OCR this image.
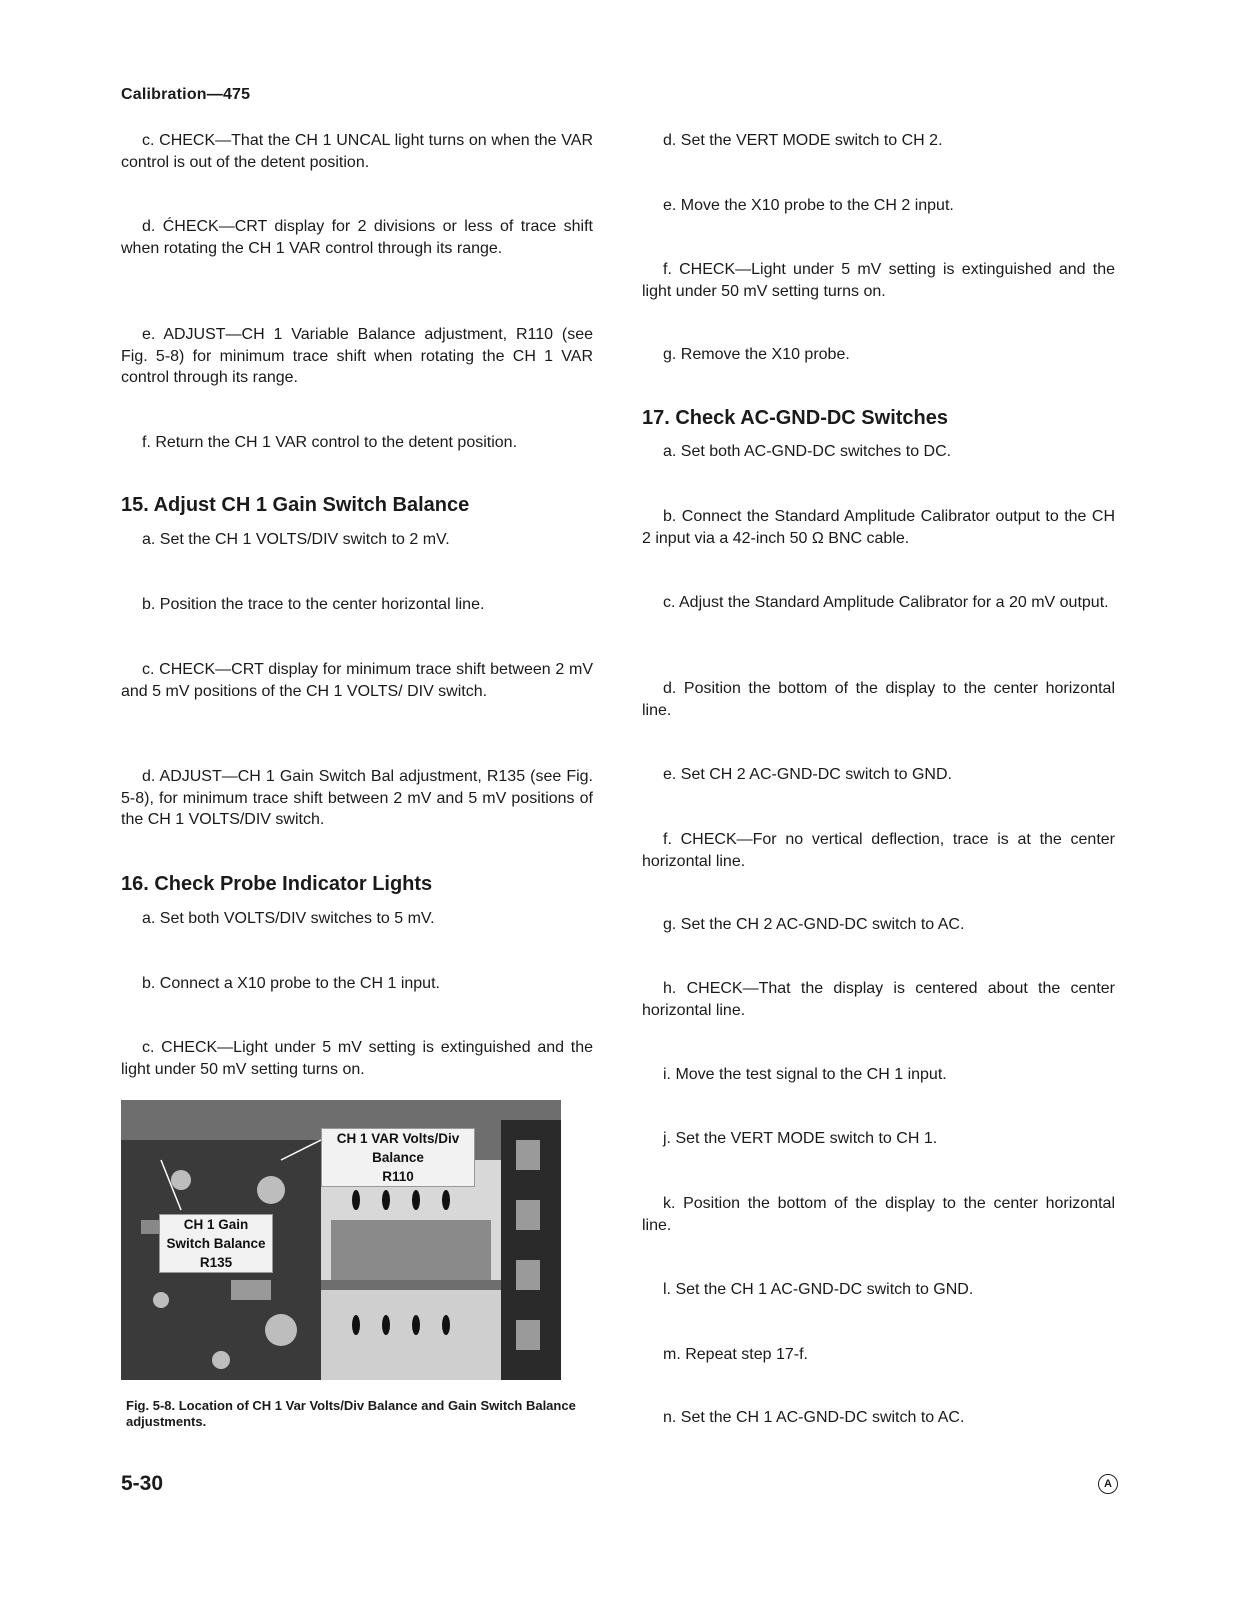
Calibration—475
c. CHECK—That the CH 1 UNCAL light turns on when the VAR control is out of the detent position.
d. ĆHECK—CRT display for 2 divisions or less of trace shift when rotating the CH 1 VAR control through its range.
e. ADJUST—CH 1 Variable Balance adjustment, R110 (see Fig. 5-8) for minimum trace shift when rotating the CH 1 VAR control through its range.
f. Return the CH 1 VAR control to the detent position.
15. Adjust CH 1 Gain Switch Balance
a. Set the CH 1 VOLTS/DIV switch to 2 mV.
b. Position the trace to the center horizontal line.
c. CHECK—CRT display for minimum trace shift between 2 mV and 5 mV positions of the CH 1 VOLTS/ DIV switch.
d. ADJUST—CH 1 Gain Switch Bal adjustment, R135 (see Fig. 5-8), for minimum trace shift between 2 mV and 5 mV positions of the CH 1 VOLTS/DIV switch.
16. Check Probe Indicator Lights
a. Set both VOLTS/DIV switches to 5 mV.
b. Connect a X10 probe to the CH 1 input.
c. CHECK—Light under 5 mV setting is extinguished and the light under 50 mV setting turns on.
CH 1 VAR Volts/Div
Balance
R110
CH 1 Gain
Switch Balance
R135
Fig. 5-8. Location of CH 1 Var Volts/Div Balance and Gain Switch Balance adjustments.
d. Set the VERT MODE switch to CH 2.
e. Move the X10 probe to the CH 2 input.
f. CHECK—Light under 5 mV setting is extinguished and the light under 50 mV setting turns on.
g. Remove the X10 probe.
17. Check AC-GND-DC Switches
a. Set both AC-GND-DC switches to DC.
b. Connect the Standard Amplitude Calibrator output to the CH 2 input via a 42-inch 50 Ω BNC cable.
c. Adjust the Standard Amplitude Calibrator for a 20 mV output.
d. Position the bottom of the display to the center horizontal line.
e. Set CH 2 AC-GND-DC switch to GND.
f. CHECK—For no vertical deflection, trace is at the center horizontal line.
g. Set the CH 2 AC-GND-DC switch to AC.
h. CHECK—That the display is centered about the center horizontal line.
i. Move the test signal to the CH 1 input.
j. Set the VERT MODE switch to CH 1.
k. Position the bottom of the display to the center horizontal line.
l. Set the CH 1 AC-GND-DC switch to GND.
m. Repeat step 17-f.
n. Set the CH 1 AC-GND-DC switch to AC.
5-30	A
